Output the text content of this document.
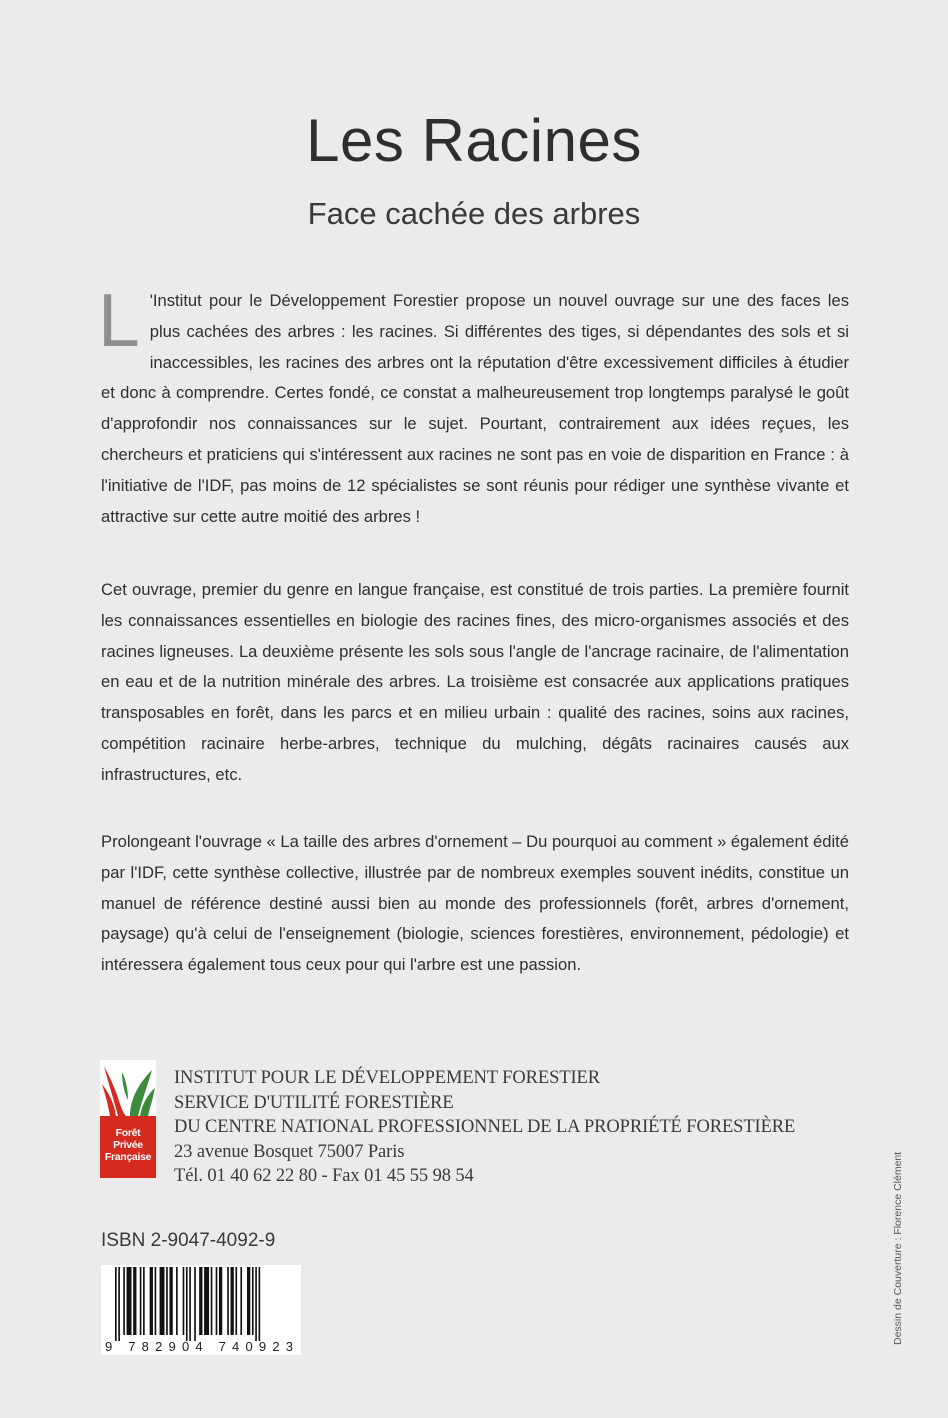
Les Racines
Face cachée des arbres
L 'Institut pour le Développement Forestier propose un nouvel ouvrage sur une des faces les plus cachées des arbres : les racines. Si différentes des tiges, si dépendantes des sols et si inaccessibles, les racines des arbres ont la réputation d'être excessivement difficiles à étudier et donc à comprendre. Certes fondé, ce constat a malheureusement trop longtemps paralysé le goût d'approfondir nos connaissances sur le sujet. Pourtant, contrairement aux idées reçues, les chercheurs et praticiens qui s'intéressent aux racines ne sont pas en voie de disparition en France : à l'initiative de l'IDF, pas moins de 12 spécialistes se sont réunis pour rédiger une synthèse vivante et attractive sur cette autre moitié des arbres !
Cet ouvrage, premier du genre en langue française, est constitué de trois parties. La première fournit les connaissances essentielles en biologie des racines fines, des micro-organismes associés et des racines ligneuses. La deuxième présente les sols sous l'angle de l'ancrage racinaire, de l'alimentation en eau et de la nutrition minérale des arbres. La troisième est consacrée aux applications pratiques transposables en forêt, dans les parcs et en milieu urbain : qualité des racines, soins aux racines, compétition racinaire herbe-arbres, technique du mulching, dégâts racinaires causés aux infrastructures, etc.
Prolongeant l'ouvrage « La taille des arbres d'ornement – Du pourquoi au comment » également édité par l'IDF, cette synthèse collective, illustrée par de nombreux exemples souvent inédits, constitue un manuel de référence destiné aussi bien au monde des professionnels (forêt, arbres d'ornement, paysage) qu'à celui de l'enseignement (biologie, sciences forestières, environnement, pédologie) et intéressera également tous ceux pour qui l'arbre est une passion.
Forêt
Privée
Française
INSTITUT POUR LE DÉVELOPPEMENT FORESTIER
SERVICE D'UTILITÉ FORESTIÈRE
DU CENTRE NATIONAL PROFESSIONNEL DE LA PROPRIÉTÉ FORESTIÈRE
23 avenue Bosquet 75007 Paris
Tél. 01 40 62 22 80 - Fax 01 45 55 98 54
ISBN 2-9047-4092-9
9 782904 740923
Dessin de Couverture : Florence Clément
